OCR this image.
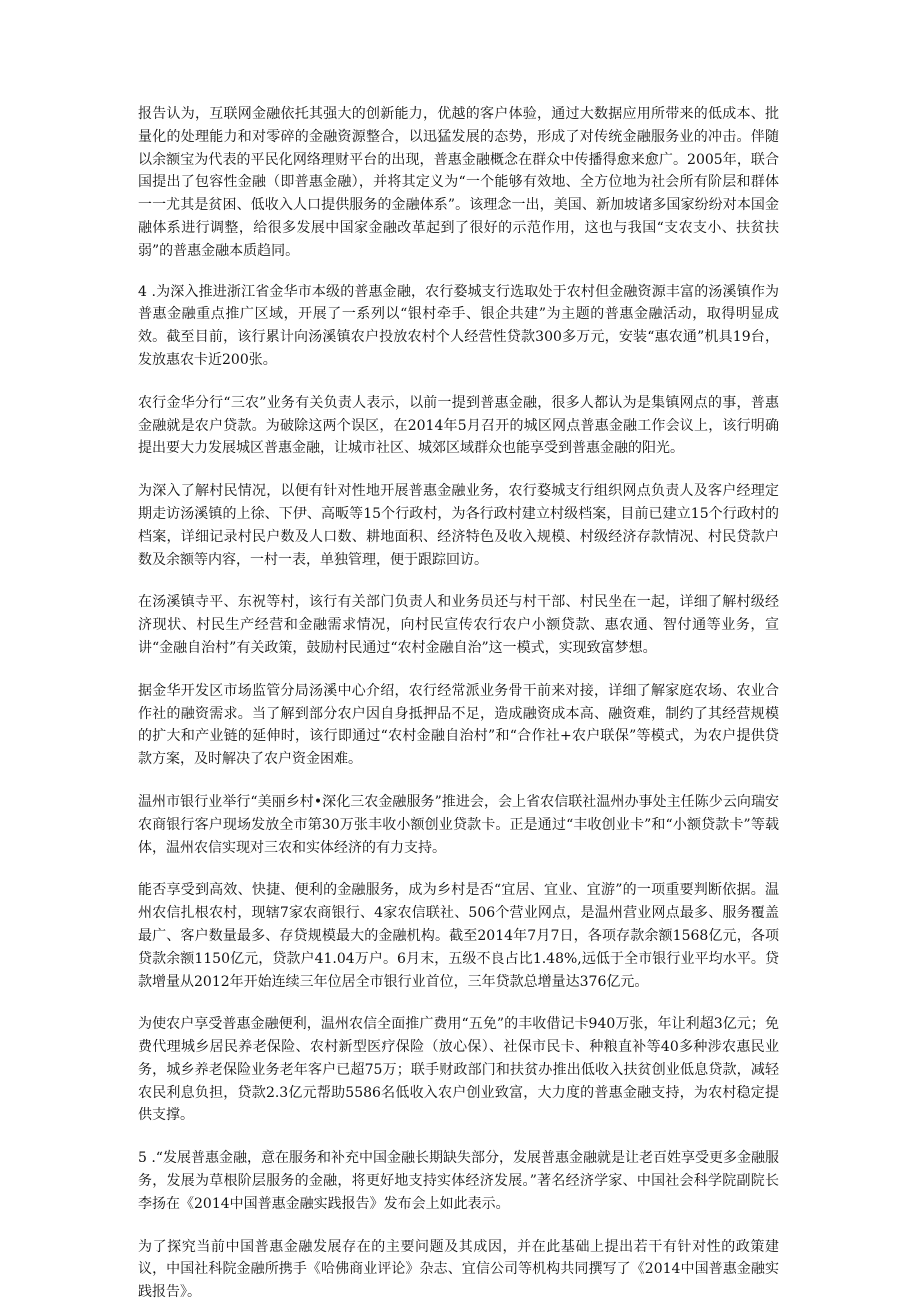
报告认为，互联网金融依托其强大的创新能力，优越的客户体验，通过大数据应用所带来的低成本、批量化的处理能力和对零碎的金融资源整合，以迅猛发展的态势，形成了对传统金融服务业的冲击。伴随以余额宝为代表的平民化网络理财平台的出现，普惠金融概念在群众中传播得愈来愈广。2005年，联合国提出了包容性金融（即普惠金融），并将其定义为“一个能够有效地、全方位地为社会所有阶层和群体一一尤其是贫困、低收入人口提供服务的金融体系”。该理念一出，美国、新加坡诸多国家纷纷对本国金融体系进行调整，给很多发展中国家金融改革起到了很好的示范作用，这也与我国“支农支小、扶贫扶弱”的普惠金融本质趋同。

4 .为深入推进浙江省金华市本级的普惠金融，农行婺城支行选取处于农村但金融资源丰富的汤溪镇作为普惠金融重点推广区域，开展了一系列以“银村牵手、银企共建”为主题的普惠金融活动，取得明显成效。截至目前，该行累计向汤溪镇农户投放农村个人经营性贷款300多万元，安装“惠农通”机具19台，发放惠农卡近200张。

农行金华分行“三农”业务有关负责人表示，以前一提到普惠金融，很多人都认为是集镇网点的事，普惠金融就是农户贷款。为破除这两个误区，在2014年5月召开的城区网点普惠金融工作会议上，该行明确提出要大力发展城区普惠金融，让城市社区、城郊区域群众也能享受到普惠金融的阳光。

为深入了解村民情况，以便有针对性地开展普惠金融业务，农行婺城支行组织网点负责人及客户经理定期走访汤溪镇的上徐、下伊、高畈等15个行政村，为各行政村建立村级档案，目前已建立15个行政村的档案，详细记录村民户数及人口数、耕地面积、经济特色及收入规模、村级经济存款情况、村民贷款户数及余额等内容，一村一表，单独管理，便于跟踪回访。

在汤溪镇寺平、东祝等村，该行有关部门负责人和业务员还与村干部、村民坐在一起，详细了解村级经济现状、村民生产经营和金融需求情况，向村民宣传农行农户小额贷款、惠农通、智付通等业务，宣讲“金融自治村”有关政策，鼓励村民通过“农村金融自治”这一模式，实现致富梦想。

据金华开发区市场监管分局汤溪中心介绍，农行经常派业务骨干前来对接，详细了解家庭农场、农业合作社的融资需求。当了解到部分农户因自身抵押品不足，造成融资成本高、融资难，制约了其经营规模的扩大和产业链的延伸时，该行即通过“农村金融自治村”和“合作社+农户联保”等模式，为农户提供贷款方案，及时解决了农户资金困难。

温州市银行业举行“美丽乡村•深化三农金融服务”推进会，会上省农信联社温州办事处主任陈少云向瑞安农商银行客户现场发放全市第30万张丰收小额创业贷款卡。正是通过“丰收创业卡”和“小额贷款卡”等载体，温州农信实现对三农和实体经济的有力支持。

能否享受到高效、快捷、便利的金融服务，成为乡村是否“宜居、宜业、宜游”的一项重要判断依据。温州农信扎根农村，现辖7家农商银行、4家农信联社、506个营业网点，是温州营业网点最多、服务覆盖最广、客户数量最多、存贷规模最大的金融机构。截至2014年7月7日，各项存款余额1568亿元，各项贷款余额1150亿元，贷款户41.04万户。6月末，五级不良占比1.48%,远低于全市银行业平均水平。贷款增量从2012年开始连续三年位居全市银行业首位，三年贷款总增量达376亿元。

为使农户享受普惠金融便利，温州农信全面推广费用“五免”的丰收借记卡940万张，年让利超3亿元；免费代理城乡居民养老保险、农村新型医疗保险（放心保）、社保市民卡、种粮直补等40多种涉农惠民业务，城乡养老保险业务老年客户已超75万；联手财政部门和扶贫办推出低收入扶贫创业低息贷款，减轻农民利息负担，贷款2.3亿元帮助5586名低收入农户创业致富，大力度的普惠金融支持，为农村稳定提供支撑。

5 .“发展普惠金融，意在服务和补充中国金融长期缺失部分，发展普惠金融就是让老百姓享受更多金融服务，发展为草根阶层服务的金融，将更好地支持实体经济发展。”著名经济学家、中国社会科学院副院长李扬在《2014中国普惠金融实践报告》发布会上如此表示。

为了探究当前中国普惠金融发展存在的主要问题及其成因，并在此基础上提出若干有针对性的政策建议，中国社科院金融所携手《哈佛商业评论》杂志、宜信公司等机构共同撰写了《2014中国普惠金融实践报告》。
